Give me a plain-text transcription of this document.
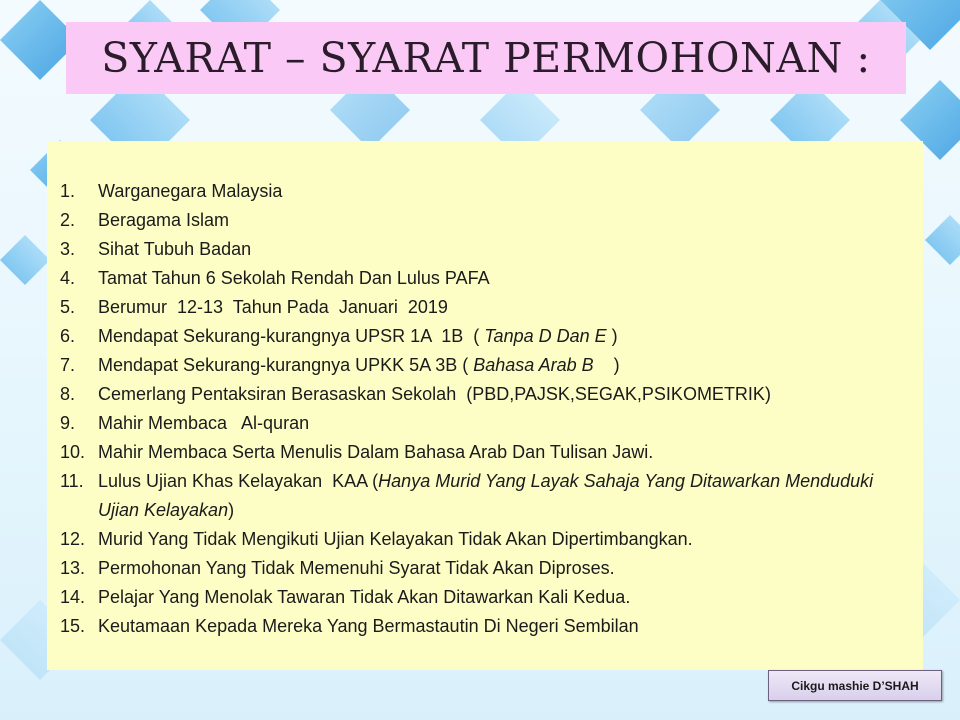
SYARAT – SYARAT PERMOHONAN :
1.	Warganegara Malaysia
2.	Beragama Islam
3.	Sihat Tubuh Badan
4.	Tamat Tahun 6 Sekolah Rendah Dan Lulus PAFA
5.	Berumur  12-13  Tahun Pada  Januari  2019
6.	Mendapat Sekurang-kurangnya UPSR 1A  1B  ( Tanpa D Dan E )
7.	Mendapat Sekurang-kurangnya UPKK 5A 3B ( Bahasa Arab B    )
8.	Cemerlang Pentaksiran Berasaskan Sekolah  (PBD,PAJSK,SEGAK,PSIKOMETRIK)
9.	Mahir Membaca   Al-quran
10. Mahir Membaca Serta Menulis Dalam Bahasa Arab Dan Tulisan Jawi.
11. Lulus Ujian Khas Kelayakan  KAA (Hanya Murid Yang Layak Sahaja Yang Ditawarkan Menduduki Ujian Kelayakan)
12. Murid Yang Tidak Mengikuti Ujian Kelayakan Tidak Akan Dipertimbangkan.
13. Permohonan Yang Tidak Memenuhi Syarat Tidak Akan Diproses.
14. Pelajar Yang Menolak Tawaran Tidak Akan Ditawarkan Kali Kedua.
15. Keutamaan Kepada Mereka Yang Bermastautin Di Negeri Sembilan
Cikgu mashie D’SHAH
